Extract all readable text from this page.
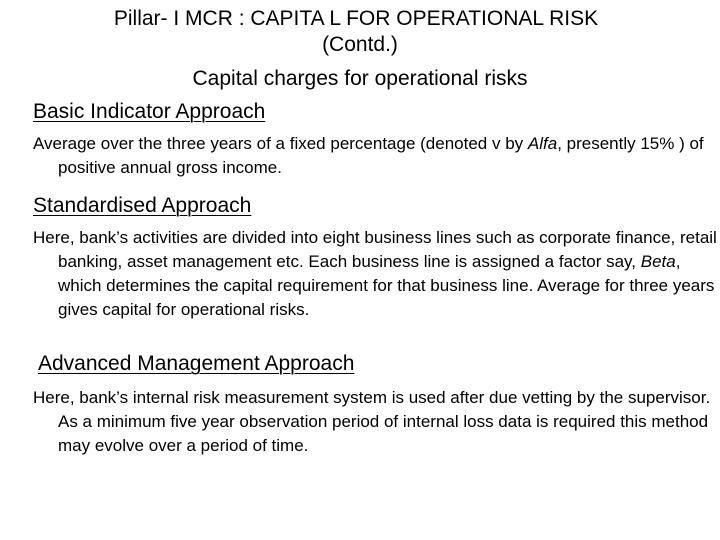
Pillar- I MCR : CAPITA L FOR OPERATIONAL RISK
(Contd.)
Capital charges for operational risks
Basic Indicator Approach
Average over the three years of a fixed percentage (denoted v by Alfa, presently 15% ) of positive annual gross income.
Standardised Approach
Here, bank’s activities are divided into eight business lines such as corporate finance, retail banking, asset management etc. Each business line is assigned a factor say, Beta, which determines the capital requirement for that business line. Average for three years gives capital for operational risks.
Advanced Management Approach
Here, bank’s internal risk measurement system is used after due vetting by the supervisor. As a minimum five year observation period of internal loss data is required this method may evolve over a period of time.
